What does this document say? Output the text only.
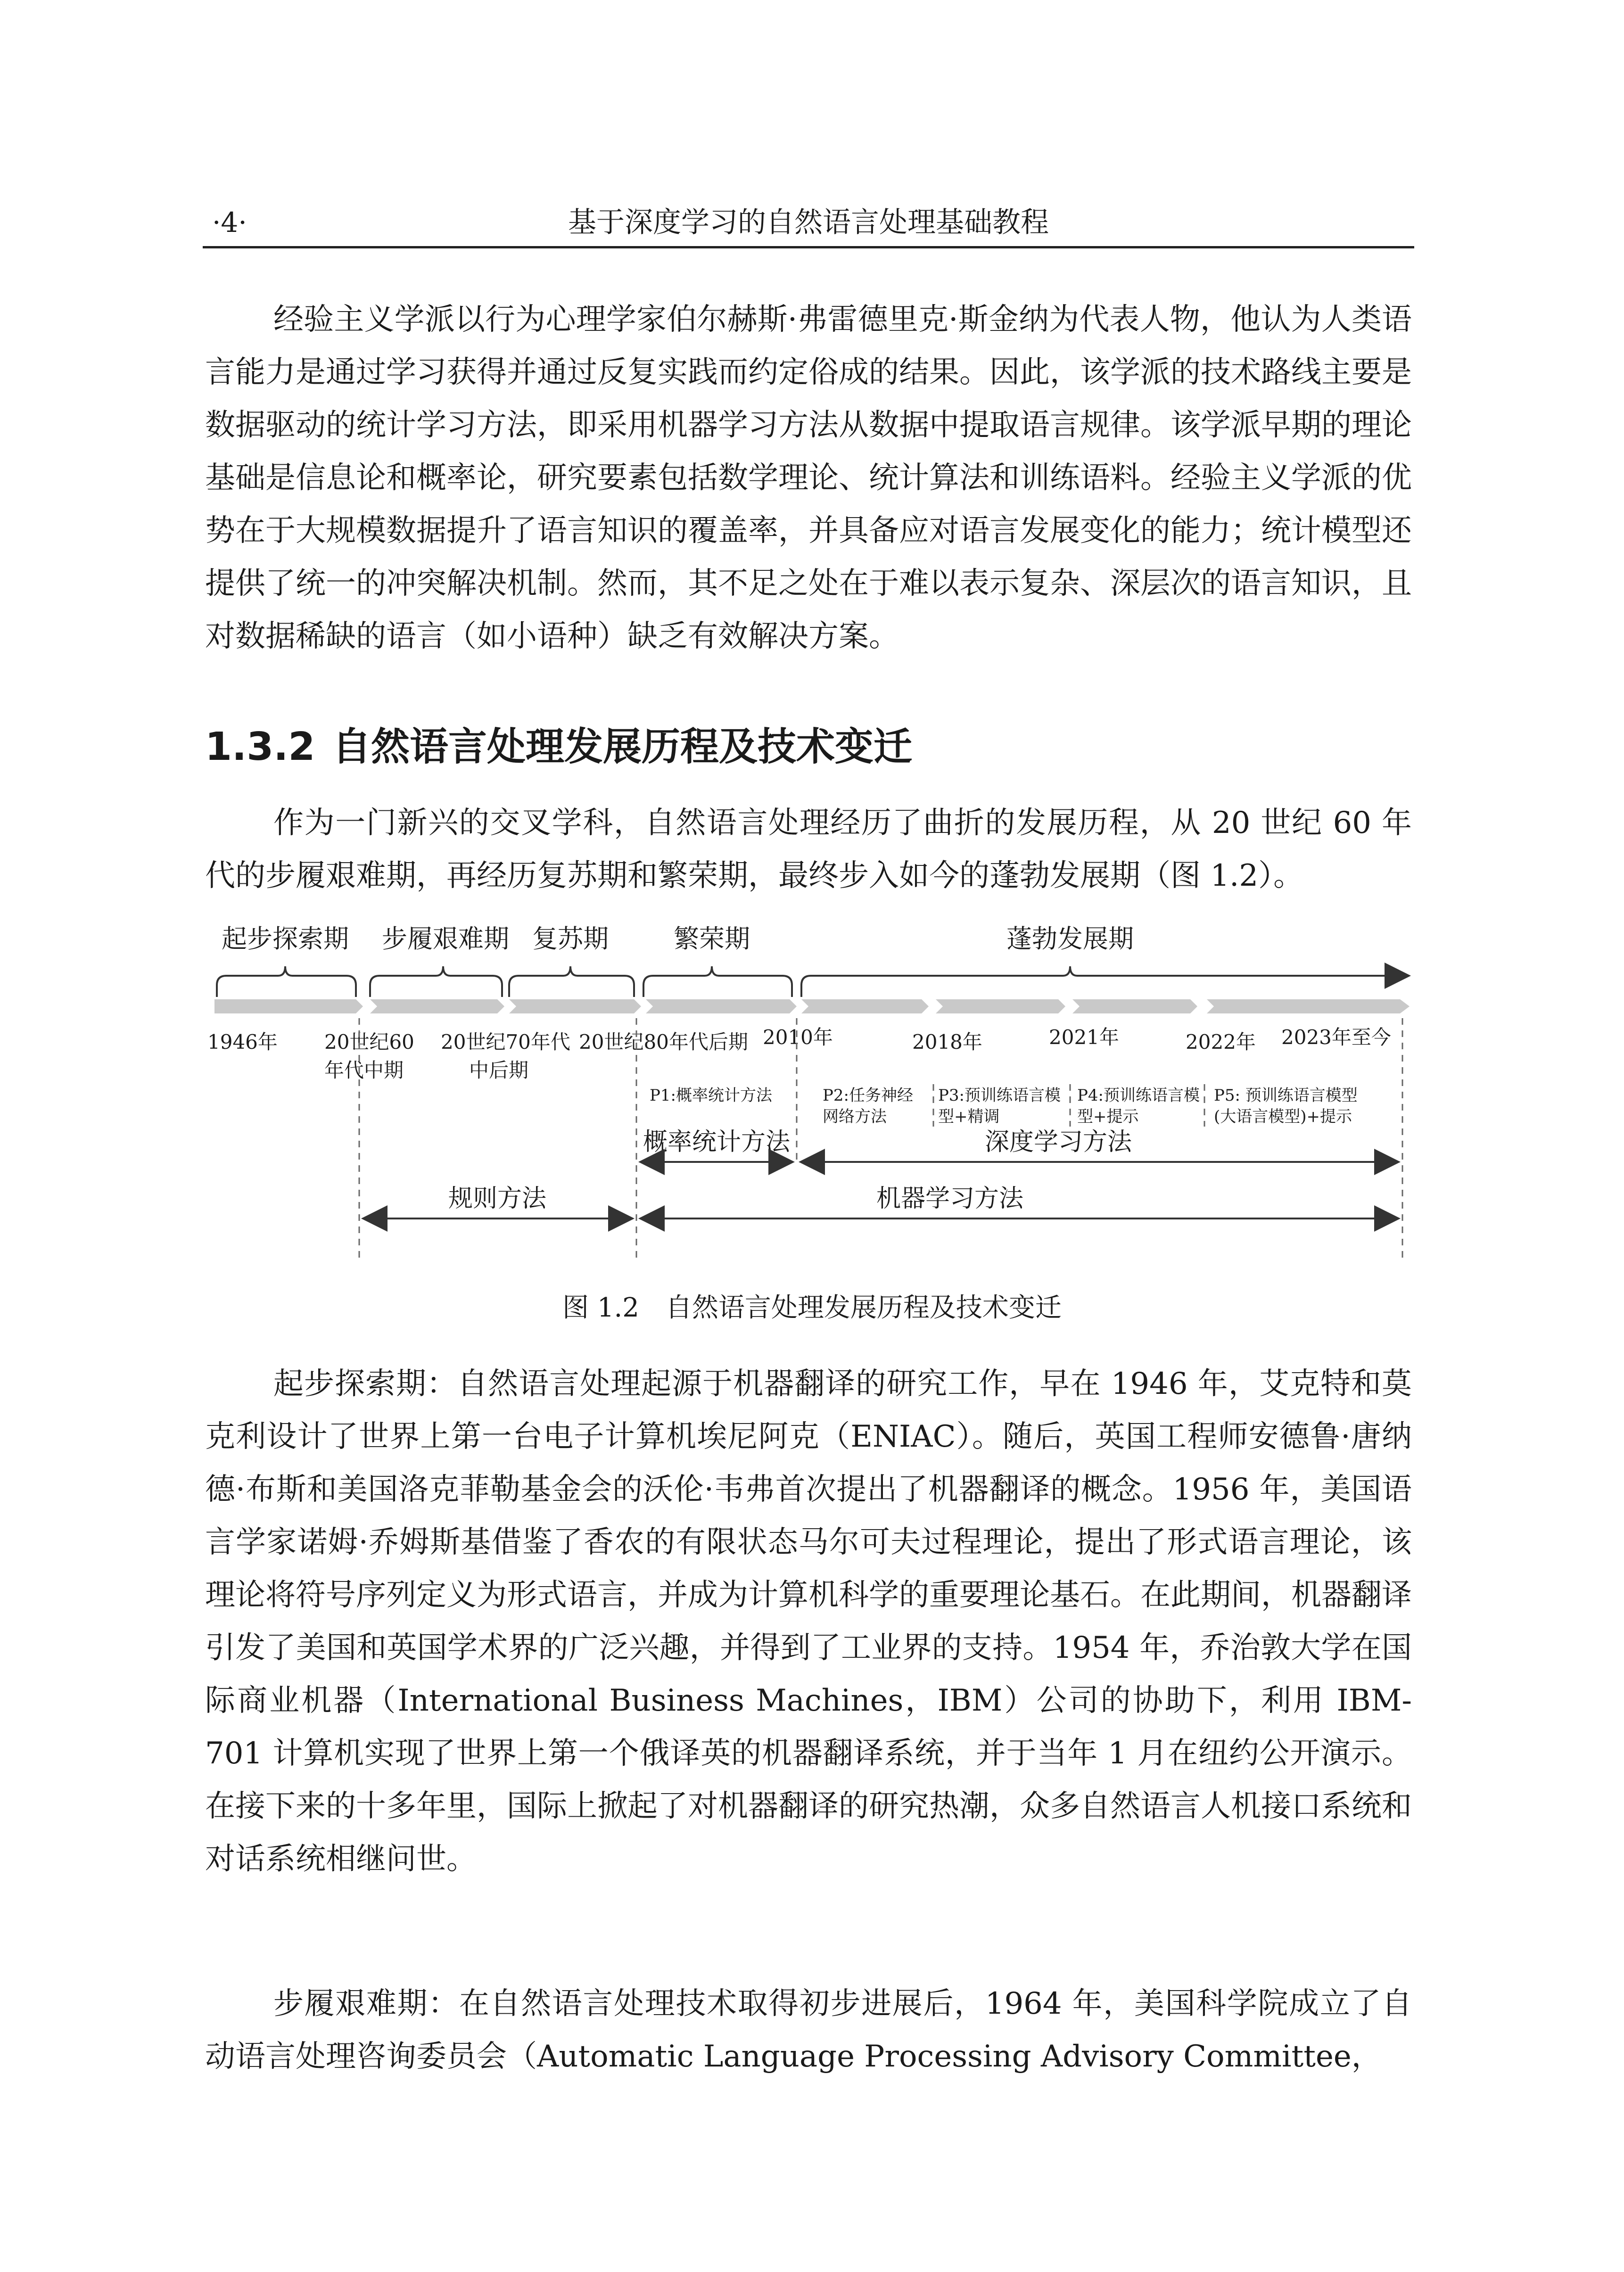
·4·	基于深度学习的自然语言处理基础教程

经验主义学派以行为心理学家伯尔赫斯·弗雷德里克·斯金纳为代表人物，他认为人类语言能力是通过学习获得并通过反复实践而约定俗成的结果。因此，该学派的技术路线主要是数据驱动的统计学习方法，即采用机器学习方法从数据中提取语言规律。该学派早期的理论基础是信息论和概率论，研究要素包括数学理论、统计算法和训练语料。经验主义学派的优势在于大规模数据提升了语言知识的覆盖率，并具备应对语言发展变化的能力；统计模型还提供了统一的冲突解决机制。然而，其不足之处在于难以表示复杂、深层次的语言知识，且对数据稀缺的语言（如小语种）缺乏有效解决方案。

1.3.2 自然语言处理发展历程及技术变迁

作为一门新兴的交叉学科，自然语言处理经历了曲折的发展历程，从 20 世纪 60 年代的步履艰难期，再经历复苏期和繁荣期，最终步入如今的蓬勃发展期（图 1.2）。

起步探索期 步履艰难期 复苏期	繁荣期	蓬勃发展期
1946年 20世纪60
年代中期
20世纪70年代
中后期
20世纪80年代后期 2010年	2018年	2021年	2022年 2023年至今
P1:概率统计方法	P2:任务神经
网络方法
P3:预训练语言模
型+精调
P4:预训练语言模
型+提示
P5: 预训练语言模型
(大语言模型)+提示
概率统计方法	深度学习方法
规则方法	机器学习方法
图 1.2　自然语言处理发展历程及技术变迁

起步探索期：自然语言处理起源于机器翻译的研究工作，早在 1946 年，艾克特和莫克利设计了世界上第一台电子计算机埃尼阿克（ENIAC）。随后，英国工程师安德鲁·唐纳德·布斯和美国洛克菲勒基金会的沃伦·韦弗首次提出了机器翻译的概念。1956 年，美国语言学家诺姆·乔姆斯基借鉴了香农的有限状态马尔可夫过程理论，提出了形式语言理论，该理论将符号序列定义为形式语言，并成为计算机科学的重要理论基石。在此期间，机器翻译引发了美国和英国学术界的广泛兴趣，并得到了工业界的支持。1954 年，乔治敦大学在国际商业机器（International Business Machines，IBM）公司的协助下，利用 IBM-701 计算机实现了世界上第一个俄译英的机器翻译系统，并于当年 1 月在纽约公开演示。在接下来的十多年里，国际上掀起了对机器翻译的研究热潮，众多自然语言人机接口系统和对话系统相继问世。

步履艰难期：在自然语言处理技术取得初步进展后，1964 年，美国科学院成立了自动语言处理咨询委员会（Automatic Language Processing Advisory Committee，
